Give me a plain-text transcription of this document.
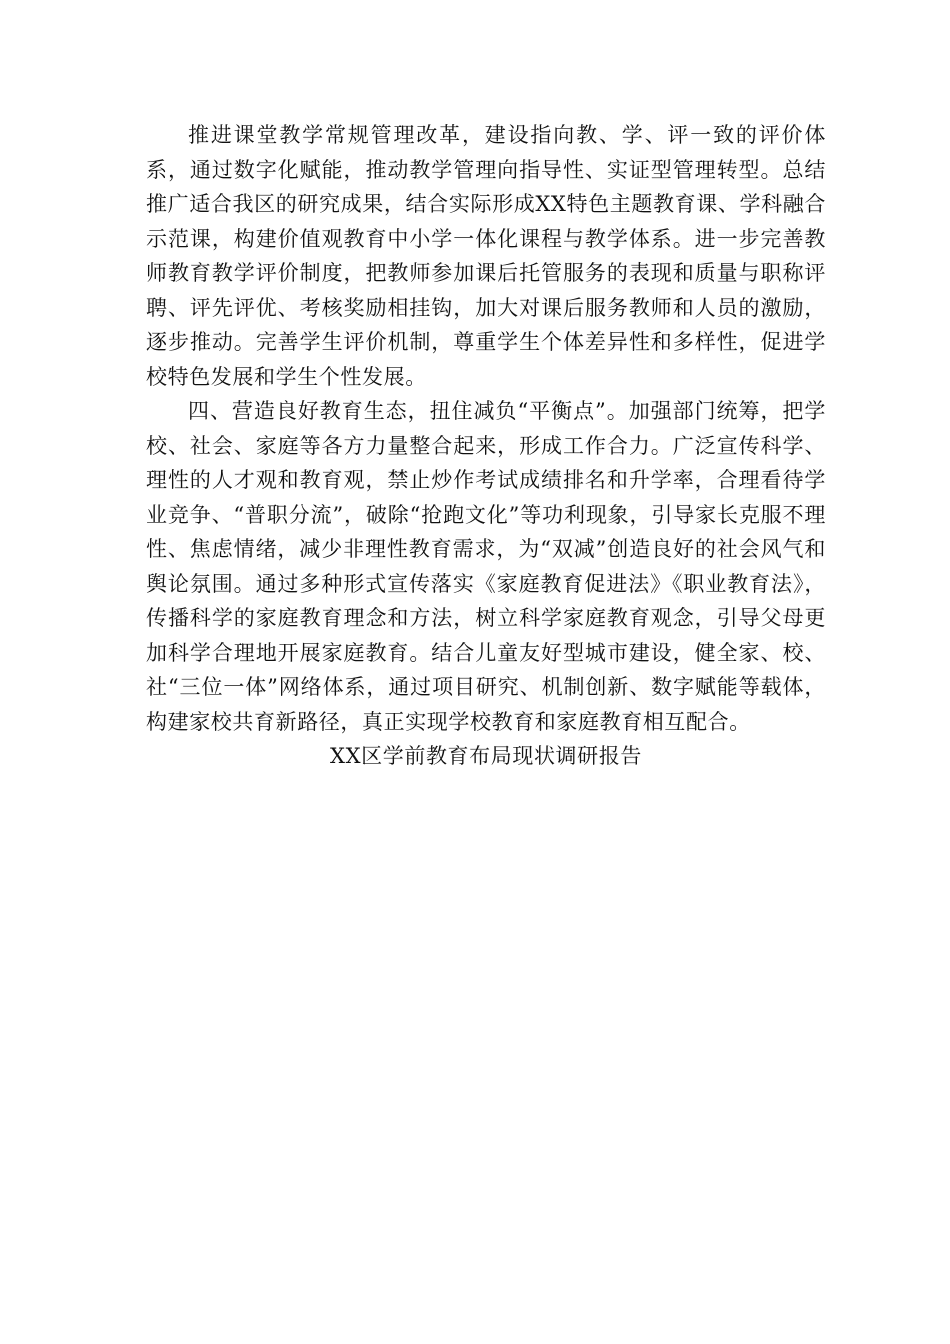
推进课堂教学常规管理改革，建设指向教、学、评一致的评价体系，通过数字化赋能，推动教学管理向指导性、实证型管理转型。总结推广适合我区的研究成果，结合实际形成XX特色主题教育课、学科融合示范课，构建价值观教育中小学一体化课程与教学体系。进一步完善教师教育教学评价制度，把教师参加课后托管服务的表现和质量与职称评聘、评先评优、考核奖励相挂钩，加大对课后服务教师和人员的激励，逐步推动。完善学生评价机制，尊重学生个体差异性和多样性，促进学校特色发展和学生个性发展。

四、营造良好教育生态，扭住减负“平衡点”。加强部门统筹，把学校、社会、家庭等各方力量整合起来，形成工作合力。广泛宣传科学、理性的人才观和教育观，禁止炒作考试成绩排名和升学率，合理看待学业竞争、“普职分流”，破除“抢跑文化”等功利现象，引导家长克服不理性、焦虑情绪，减少非理性教育需求，为“双减”创造良好的社会风气和舆论氛围。通过多种形式宣传落实《家庭教育促进法》《职业教育法》，传播科学的家庭教育理念和方法，树立科学家庭教育观念，引导父母更加科学合理地开展家庭教育。结合儿童友好型城市建设，健全家、校、社“三位一体”网络体系，通过项目研究、机制创新、数字赋能等载体，构建家校共育新路径，真正实现学校教育和家庭教育相互配合。

XX区学前教育布局现状调研报告
